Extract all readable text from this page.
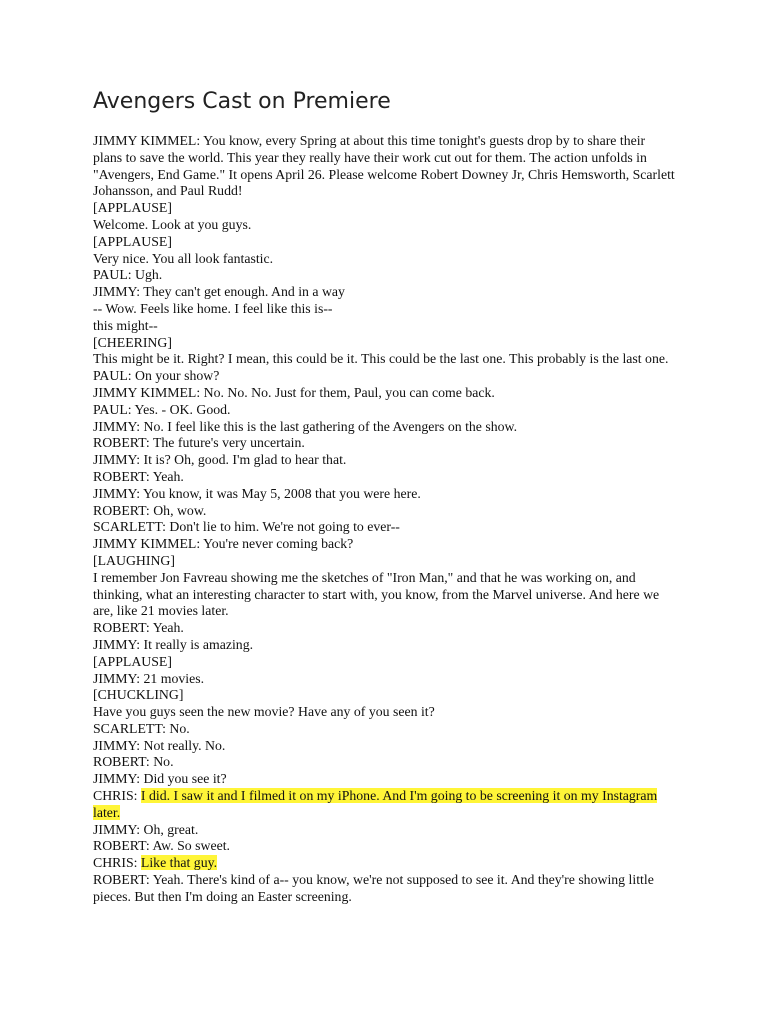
Avengers Cast on Premiere

JIMMY KIMMEL: You know, every Spring at about this time tonight's guests drop by to share their plans to save the world. This year they really have their work cut out for them. The action unfolds in "Avengers, End Game." It opens April 26. Please welcome Robert Downey Jr, Chris Hemsworth, Scarlett Johansson, and Paul Rudd!

[APPLAUSE]

Welcome. Look at you guys.

[APPLAUSE]

Very nice. You all look fantastic.

PAUL: Ugh.

JIMMY: They can't get enough. And in a way

-- Wow. Feels like home. I feel like this is--

this might--

[CHEERING]

This might be it. Right? I mean, this could be it. This could be the last one. This probably is the last one.

PAUL: On your show?

JIMMY KIMMEL: No. No. No. Just for them, Paul, you can come back.

PAUL: Yes. - OK. Good.

JIMMY: No. I feel like this is the last gathering of the Avengers on the show.

ROBERT: The future's very uncertain.

JIMMY: It is? Oh, good. I'm glad to hear that.

ROBERT: Yeah.

JIMMY: You know, it was May 5, 2008 that you were here.

ROBERT: Oh, wow.

SCARLETT: Don't lie to him. We're not going to ever--

JIMMY KIMMEL: You're never coming back?

[LAUGHING]

I remember Jon Favreau showing me the sketches of "Iron Man," and that he was working on, and thinking, what an interesting character to start with, you know, from the Marvel universe. And here we are, like 21 movies later.

ROBERT: Yeah.

JIMMY: It really is amazing.

[APPLAUSE]

JIMMY: 21 movies.

[CHUCKLING]

Have you guys seen the new movie? Have any of you seen it?

SCARLETT: No.

JIMMY: Not really. No.

ROBERT: No.

JIMMY: Did you see it?

CHRIS: I did. I saw it and I filmed it on my iPhone. And I'm going to be screening it on my Instagram later.

JIMMY: Oh, great.

ROBERT: Aw. So sweet.

CHRIS: Like that guy.

ROBERT: Yeah. There's kind of a-- you know, we're not supposed to see it. And they're showing little pieces. But then I'm doing an Easter screening.
